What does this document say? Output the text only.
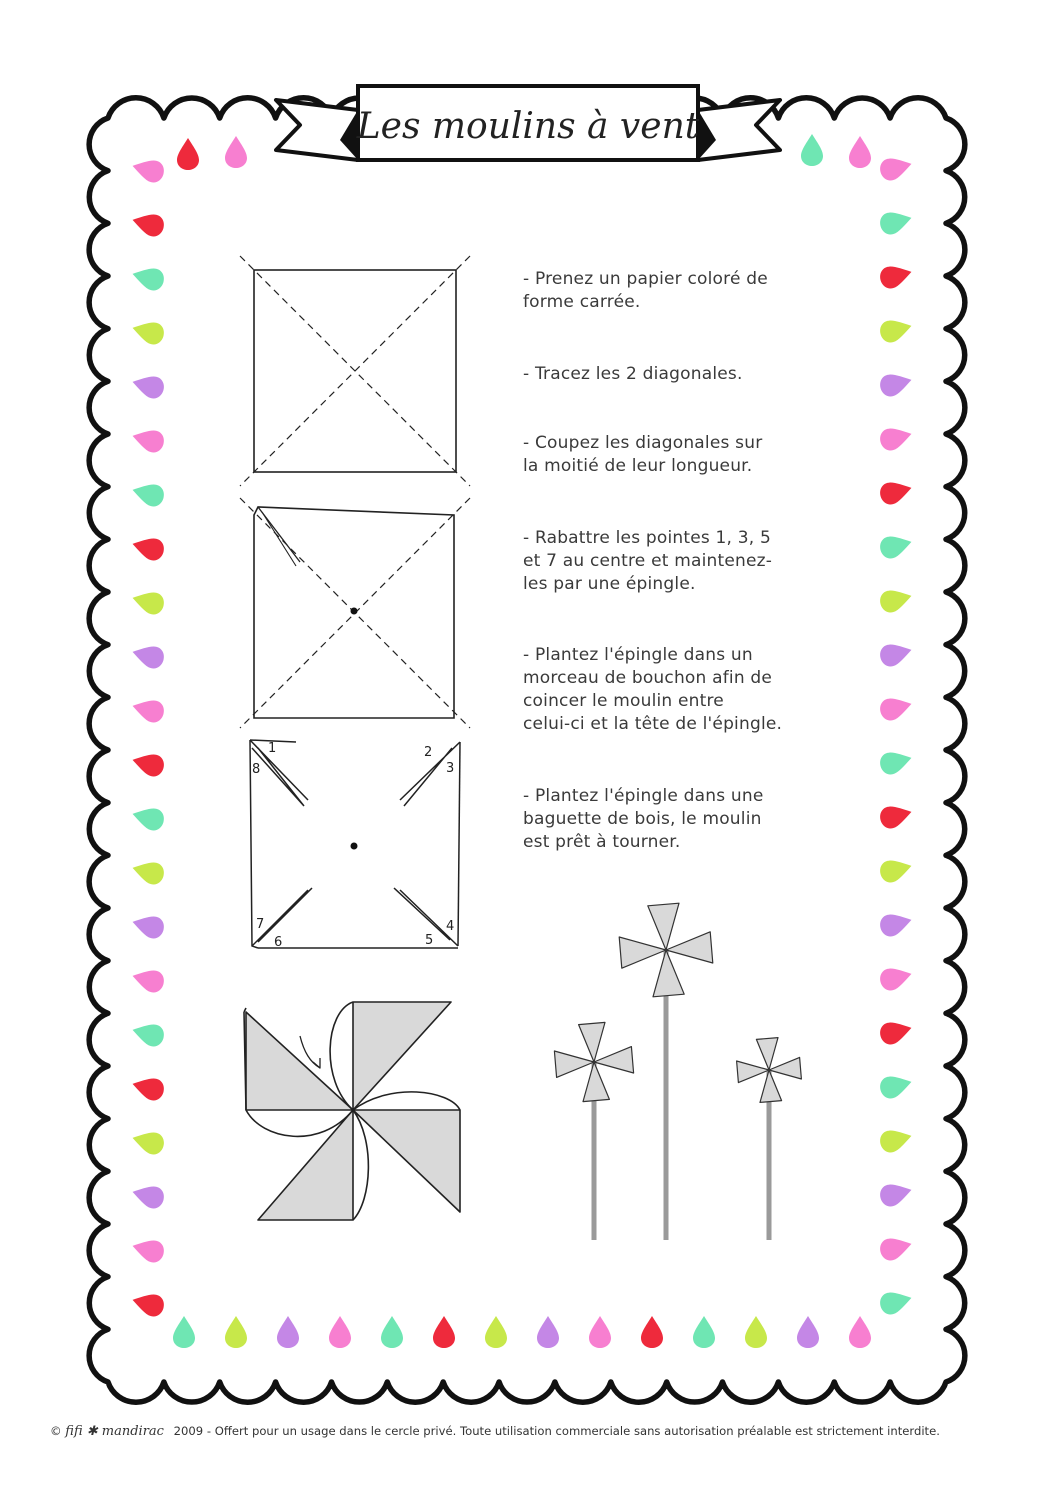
Les moulins à vent
1	2
3
4
5
6
7
8
- Prenez un papier coloré de
forme carrée.
- Tracez les 2 diagonales.
- Coupez les diagonales sur
la moitié de leur longueur.
- Rabattre les pointes 1, 3, 5
et 7 au centre et maintenez-
les par une épingle.
- Plantez l'épingle dans un
morceau de bouchon afin de
coincer le moulin entre
celui-ci et la tête de l'épingle.
- Plantez l'épingle dans une
baguette de bois, le moulin
est prêt à tourner.
© fifi ✱ mandirac 2009 - Offert pour un usage dans le cercle privé. Toute utilisation commerciale sans autorisation préalable est strictement interdite.
